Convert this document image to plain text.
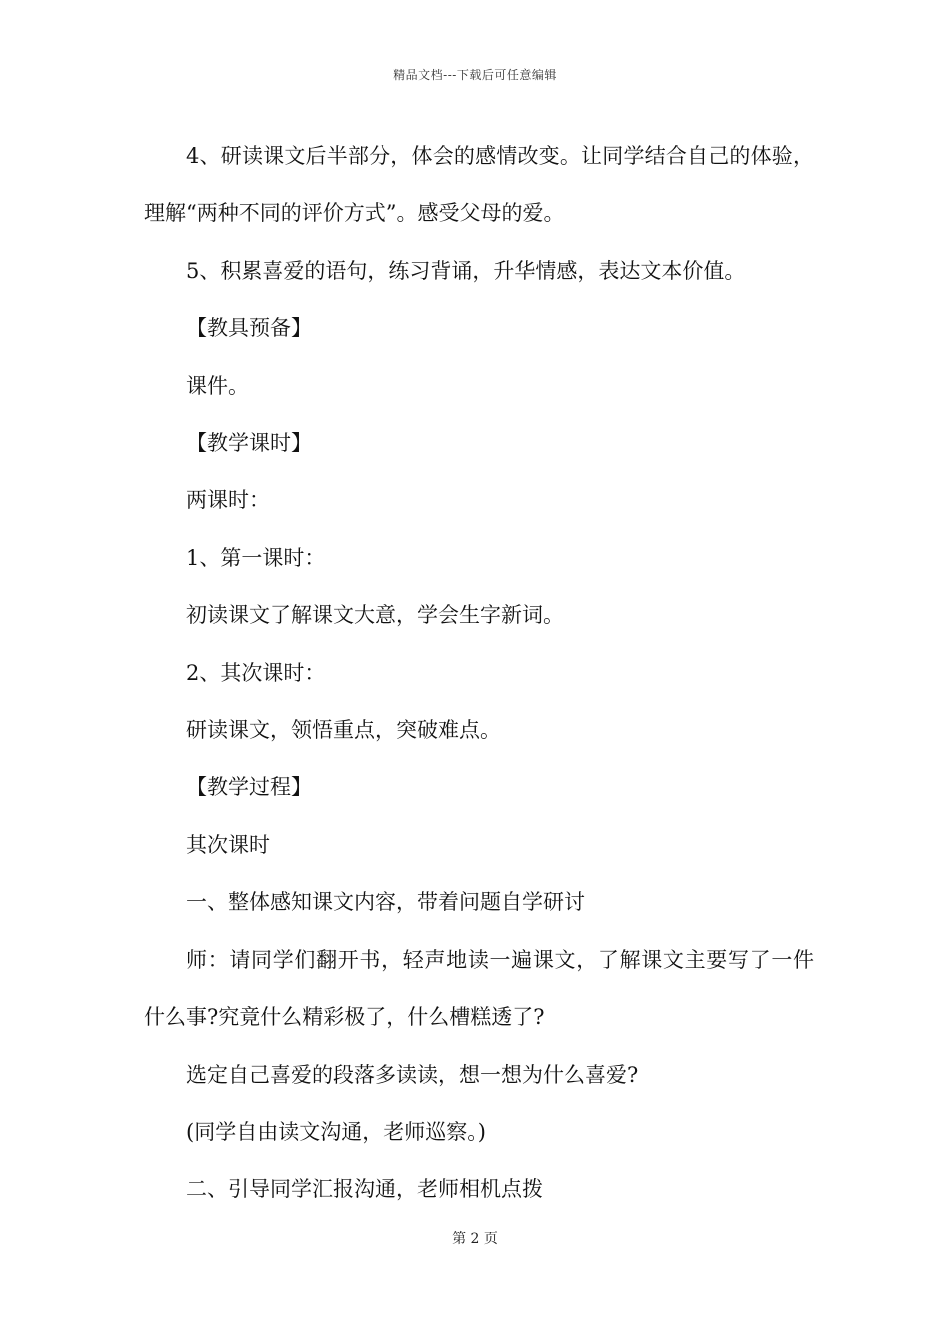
精品文档---下载后可任意编辑

4、研读课文后半部分，体会的感情改变。让同学结合自己的体验，理解“两种不同的评价方式”。感受父母的爱。

5、积累喜爱的语句，练习背诵，升华情感，表达文本价值。

【教具预备】

课件。

【教学课时】

两课时：

1、第一课时：

初读课文了解课文大意，学会生字新词。

2、其次课时：

研读课文，领悟重点，突破难点。

【教学过程】

其次课时

一、整体感知课文内容，带着问题自学研讨

师：请同学们翻开书，轻声地读一遍课文，了解课文主要写了一件什么事?究竟什么精彩极了，什么槽糕透了?

选定自己喜爱的段落多读读，想一想为什么喜爱?

(同学自由读文沟通，老师巡察。)

二、引导同学汇报沟通，老师相机点拨

第 2 页
